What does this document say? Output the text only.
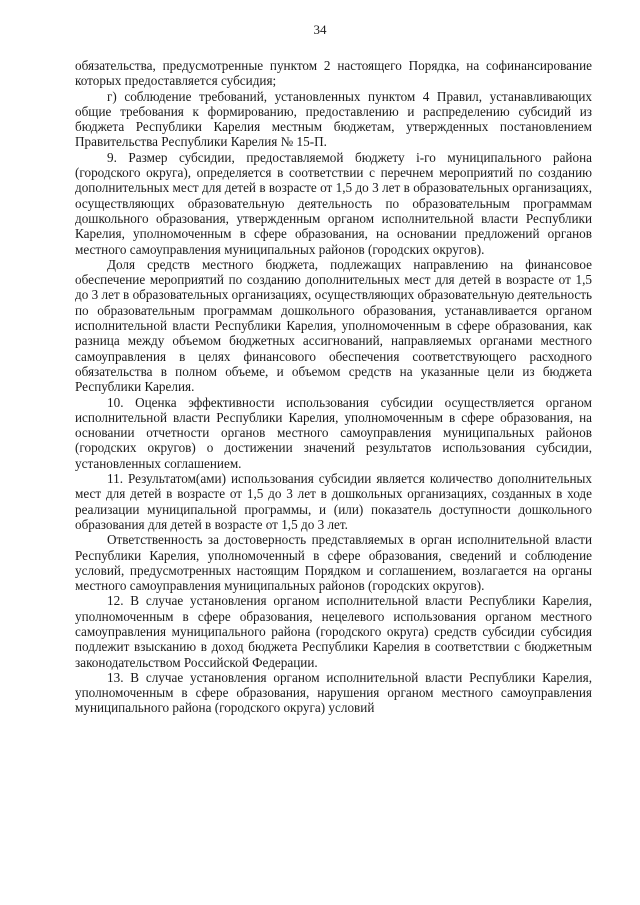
34

обязательства, предусмотренные пунктом 2 настоящего Порядка, на софинансирование которых предоставляется субсидия;

г) соблюдение требований, установленных пунктом 4 Правил, устанавливающих общие требования к формированию, предоставлению и распределению субсидий из бюджета Республики Карелия местным бюджетам, утвержденных постановлением Правительства Республики Карелия № 15-П.

9. Размер субсидии, предоставляемой бюджету i-го муниципального района (городского округа), определяется в соответствии с перечнем мероприятий по созданию дополнительных мест для детей в возрасте от 1,5 до 3 лет в образовательных организациях, осуществляющих образовательную деятельность по образовательным программам дошкольного образования, утвержденным органом исполнительной власти Республики Карелия, уполномоченным в сфере образования, на основании предложений органов местного самоуправления муниципальных районов (городских округов).

Доля средств местного бюджета, подлежащих направлению на финансовое обеспечение мероприятий по созданию дополнительных мест для детей в возрасте от 1,5 до 3 лет в образовательных организациях, осуществляющих образовательную деятельность по образовательным программам дошкольного образования, устанавливается органом исполнительной власти Республики Карелия, уполномоченным в сфере образования, как разница между объемом бюджетных ассигнований, направляемых органами местного самоуправления в целях финансового обеспечения соответствующего расходного обязательства в полном объеме, и объемом средств на указанные цели из бюджета Республики Карелия.

10. Оценка эффективности использования субсидии осуществляется органом исполнительной власти Республики Карелия, уполномоченным в сфере образования, на основании отчетности органов местного самоуправления муниципальных районов (городских округов) о достижении значений результатов использования субсидии, установленных соглашением.

11. Результатом(ами) использования субсидии является количество дополнительных мест для детей в возрасте от 1,5 до 3 лет в дошкольных организациях, созданных в ходе реализации муниципальной программы, и (или) показатель доступности дошкольного образования для детей в возрасте от 1,5 до 3 лет.

Ответственность за достоверность представляемых в орган исполнительной власти Республики Карелия, уполномоченный в сфере образования, сведений и соблюдение условий, предусмотренных настоящим Порядком и соглашением, возлагается на органы местного самоуправления муниципальных районов (городских округов).

12. В случае установления органом исполнительной власти Республики Карелия, уполномоченным в сфере образования, нецелевого использования органом местного самоуправления муниципального района (городского округа) средств субсидии субсидия подлежит взысканию в доход бюджета Республики Карелия в соответствии с бюджетным законодательством Российской Федерации.

13. В случае установления органом исполнительной власти Республики Карелия, уполномоченным в сфере образования, нарушения органом местного самоуправления муниципального района (городского округа) условий
